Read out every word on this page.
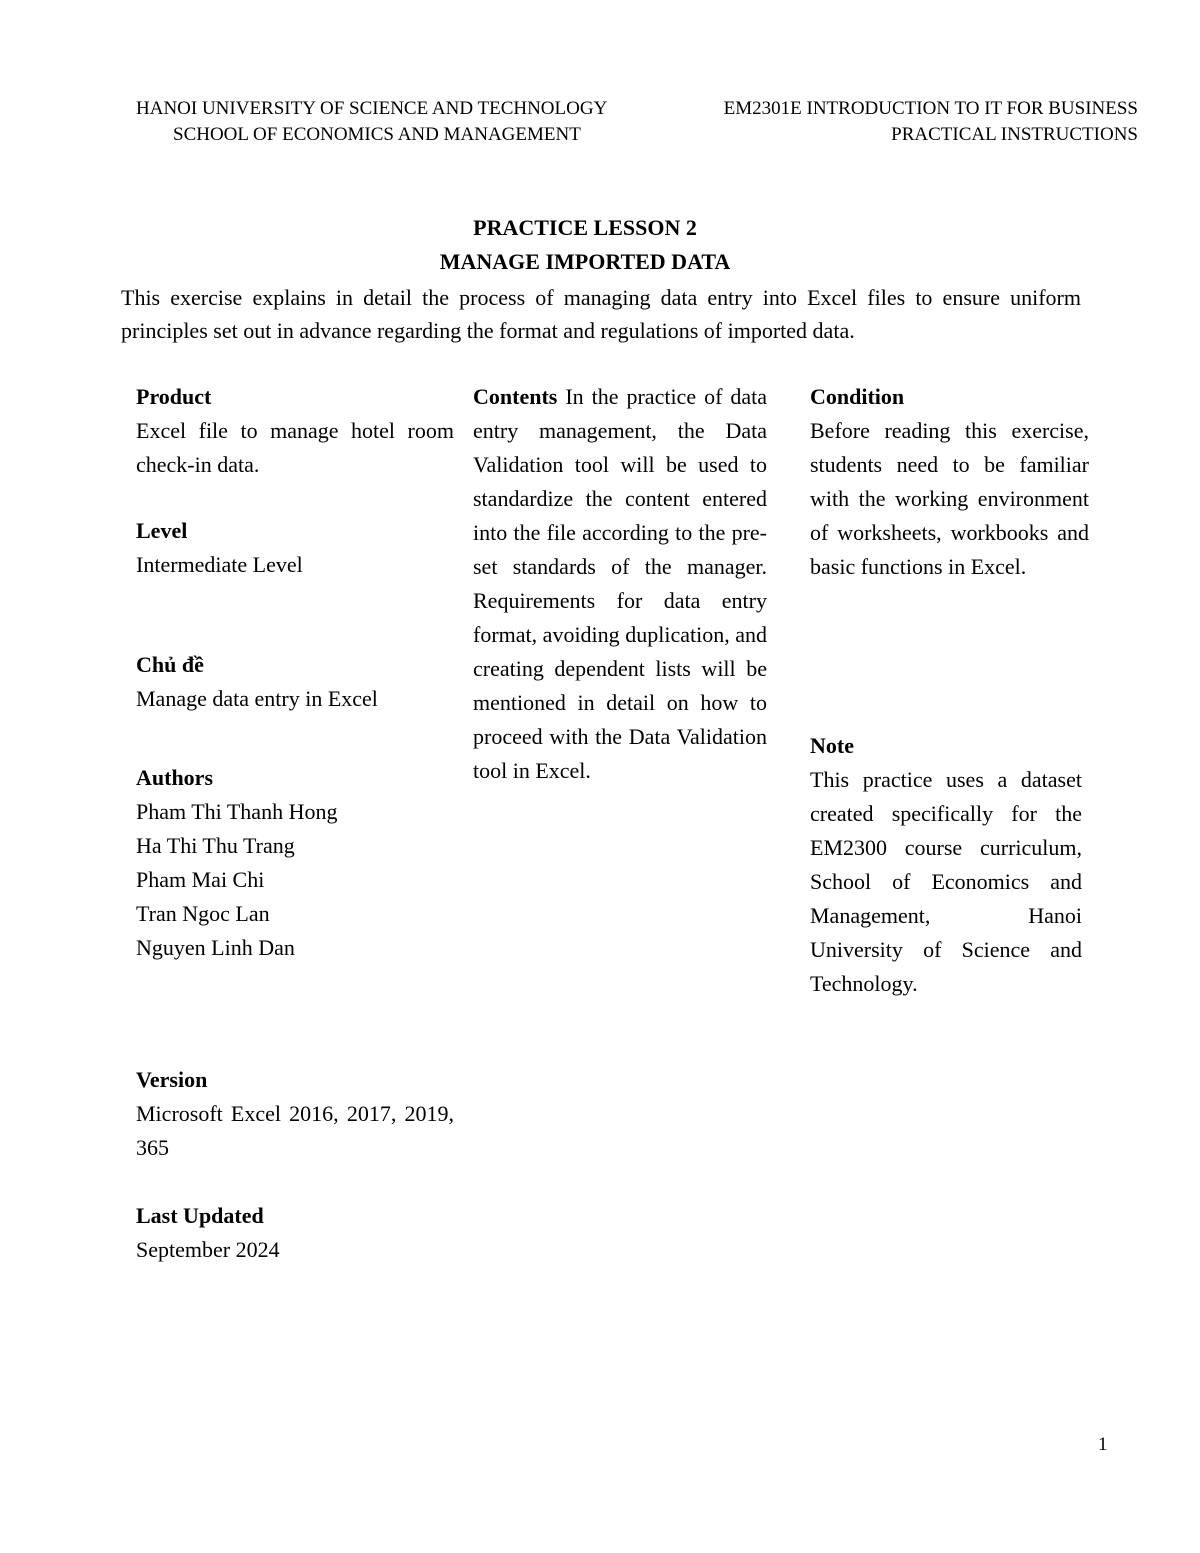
HANOI UNIVERSITY OF SCIENCE AND TECHNOLOGY
SCHOOL OF ECONOMICS AND MANAGEMENT
EM2301E INTRODUCTION TO IT FOR BUSINESS
PRACTICAL INSTRUCTIONS
PRACTICE LESSON 2
MANAGE IMPORTED DATA

This exercise explains in detail the process of managing data entry into Excel files to ensure uniform principles set out in advance regarding the format and regulations of imported data.

Product
Excel file to manage hotel room check-in data.
Level
Intermediate Level
Chủ đề
Manage data entry in Excel
Authors
Pham Thi Thanh Hong
Ha Thi Thu Trang
Pham Mai Chi
Tran Ngoc Lan
Nguyen Linh Dan
Version
Microsoft Excel 2016, 2017, 2019, 365
Last Updated
September 2024
Contents In the practice of data entry management, the Data Validation tool will be used to standardize the content entered into the file according to the pre-set standards of the manager. Requirements for data entry format, avoiding duplication, and creating dependent lists will be mentioned in detail on how to proceed with the Data Validation tool in Excel.
Condition
Before reading this exercise, students need to be familiar with the working environment of worksheets, workbooks and basic functions in Excel.
Note
This practice uses a dataset created specifically for the EM2300 course curriculum, School of Economics and Management, Hanoi University of Science and Technology.
1
